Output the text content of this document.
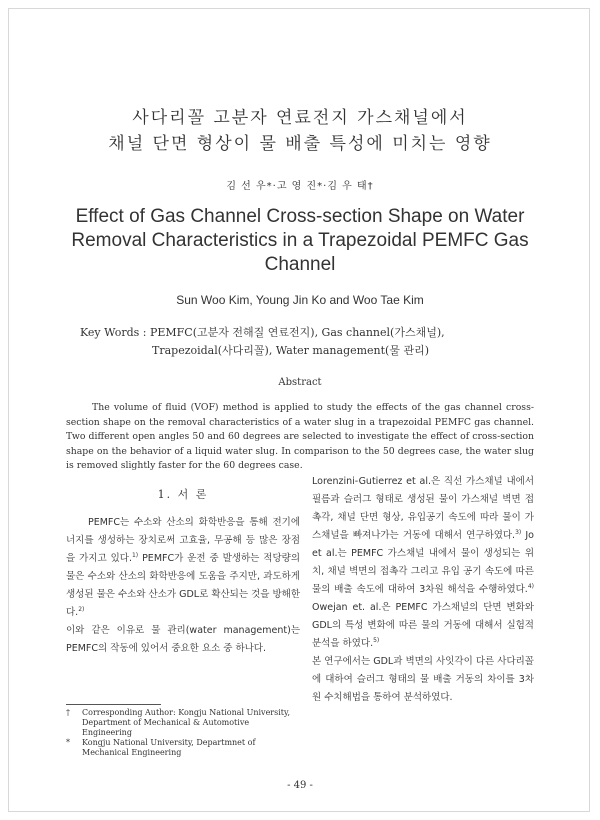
사다리꼴 고분자 연료전지 가스채널에서
채널 단면 형상이 물 배출 특성에 미치는 영향
김 선 우*·고 영 진*·김 우 태†
Effect of Gas Channel Cross-section Shape on Water Removal Characteristics in a Trapezoidal PEMFC Gas Channel
Sun Woo Kim, Young Jin Ko and Woo Tae Kim
Key Words : PEMFC(고분자 전해질 연료전지), Gas channel(가스채널),
Trapezoidal(사다리꼴), Water management(물 관리)
Abstract

The volume of fluid (VOF) method is applied to study the effects of the gas channel cross-section shape on the removal characteristics of a water slug in a trapezoidal PEMFC gas channel. Two different open angles 50 and 60 degrees are selected to investigate the effect of cross-section shape on the behavior of a liquid water slug. In comparison to the 50 degrees case, the water slug is removed slightly faster for the 60 degrees case.

1. 서 론

PEMFC는 수소와 산소의 화학반응을 통해 전기에너지를 생성하는 장치로써 고효율, 무공해 등 많은 장점을 가지고 있다.$^{1)}$ PEMFC가 운전 중 발생하는 적당량의 물은 수소와 산소의 화학반응에 도움을 주지만, 과도하게 생성된 물은 수소와 산소가 GDL로 확산되는 것을 방해한다.$^{2)}$

이와 같은 이유로 물 관리(water management)는 PEMFC의 작동에 있어서 중요한 요소 중 하나다.

Lorenzini-Gutierrez et al.은 직선 가스채널 내에서 필름과 슬러그 형태로 생성된 물이 가스채널 벽면 접촉각, 채널 단면 형상, 유입공기 속도에 따라 물이 가스채널을 빠져나가는 거동에 대해서 연구하였다.$^{3)}$ Jo et al.는 PEMFC 가스채널 내에서 물이 생성되는 위치, 채널 벽면의 접촉각 그리고 유입 공기 속도에 따른 물의 배출 속도에 대하여 3차원 해석을 수행하였다.$^{4)}$ Owejan et. al.은 PEMFC 가스채널의 단면 변화와 GDL의 특성 변화에 따른 물의 거동에 대해서 실험적 분석을 하였다.$^{5)}$

본 연구에서는 GDL과 벽면의 사잇각이 다른 사다리꼴에 대하여 슬러그 형태의 물 배출 거동의 차이를 3차원 수치해법을 통하여 분석하였다.

†	Corresponding Author: Kongju National University, Department of Mechanical & Automotive Engineering
*	Kongju National University, Departmnet of Mechanical Engineering
- 49 -
